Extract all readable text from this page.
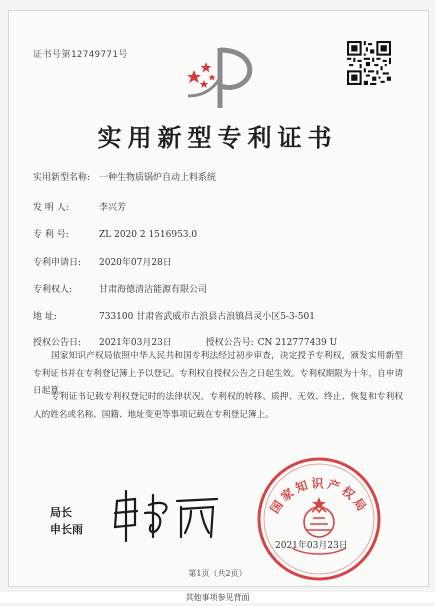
证书号第12749771号
实用新型专利证书
实用新型名称: 一种生物质锅炉自动上料系统
发 明 人:	李兴芳
专 利 号:	ZL 2020 2 1516953.0
专利申请日: 2020年07月28日
专利权人:	甘肃海德清洁能源有限公司
地 址:	733100 甘肃省武威市古浪县古浪镇昌灵小区5-3-501
授权公告日: 2021年03月23日	授权公告号: CN 212777439 U
国家知识产权局依照中华人民共和国专利法经过初步审查，决定授予专利权，颁发实用新型专利证书并在专利登记簿上予以登记。专利权自授权公告之日起生效。专利权期限为十年，自申请日起算。
专利证书记载专利权登记时的法律状况。专利权的转移、质押、无效、终止、恢复和专利权人的姓名或名称、国籍、地址变更等事项记载在专利登记簿上。
局长
申长雨
国家知识产权局
2021年03月23日
第1页（共2页）
其他事项参见背面
